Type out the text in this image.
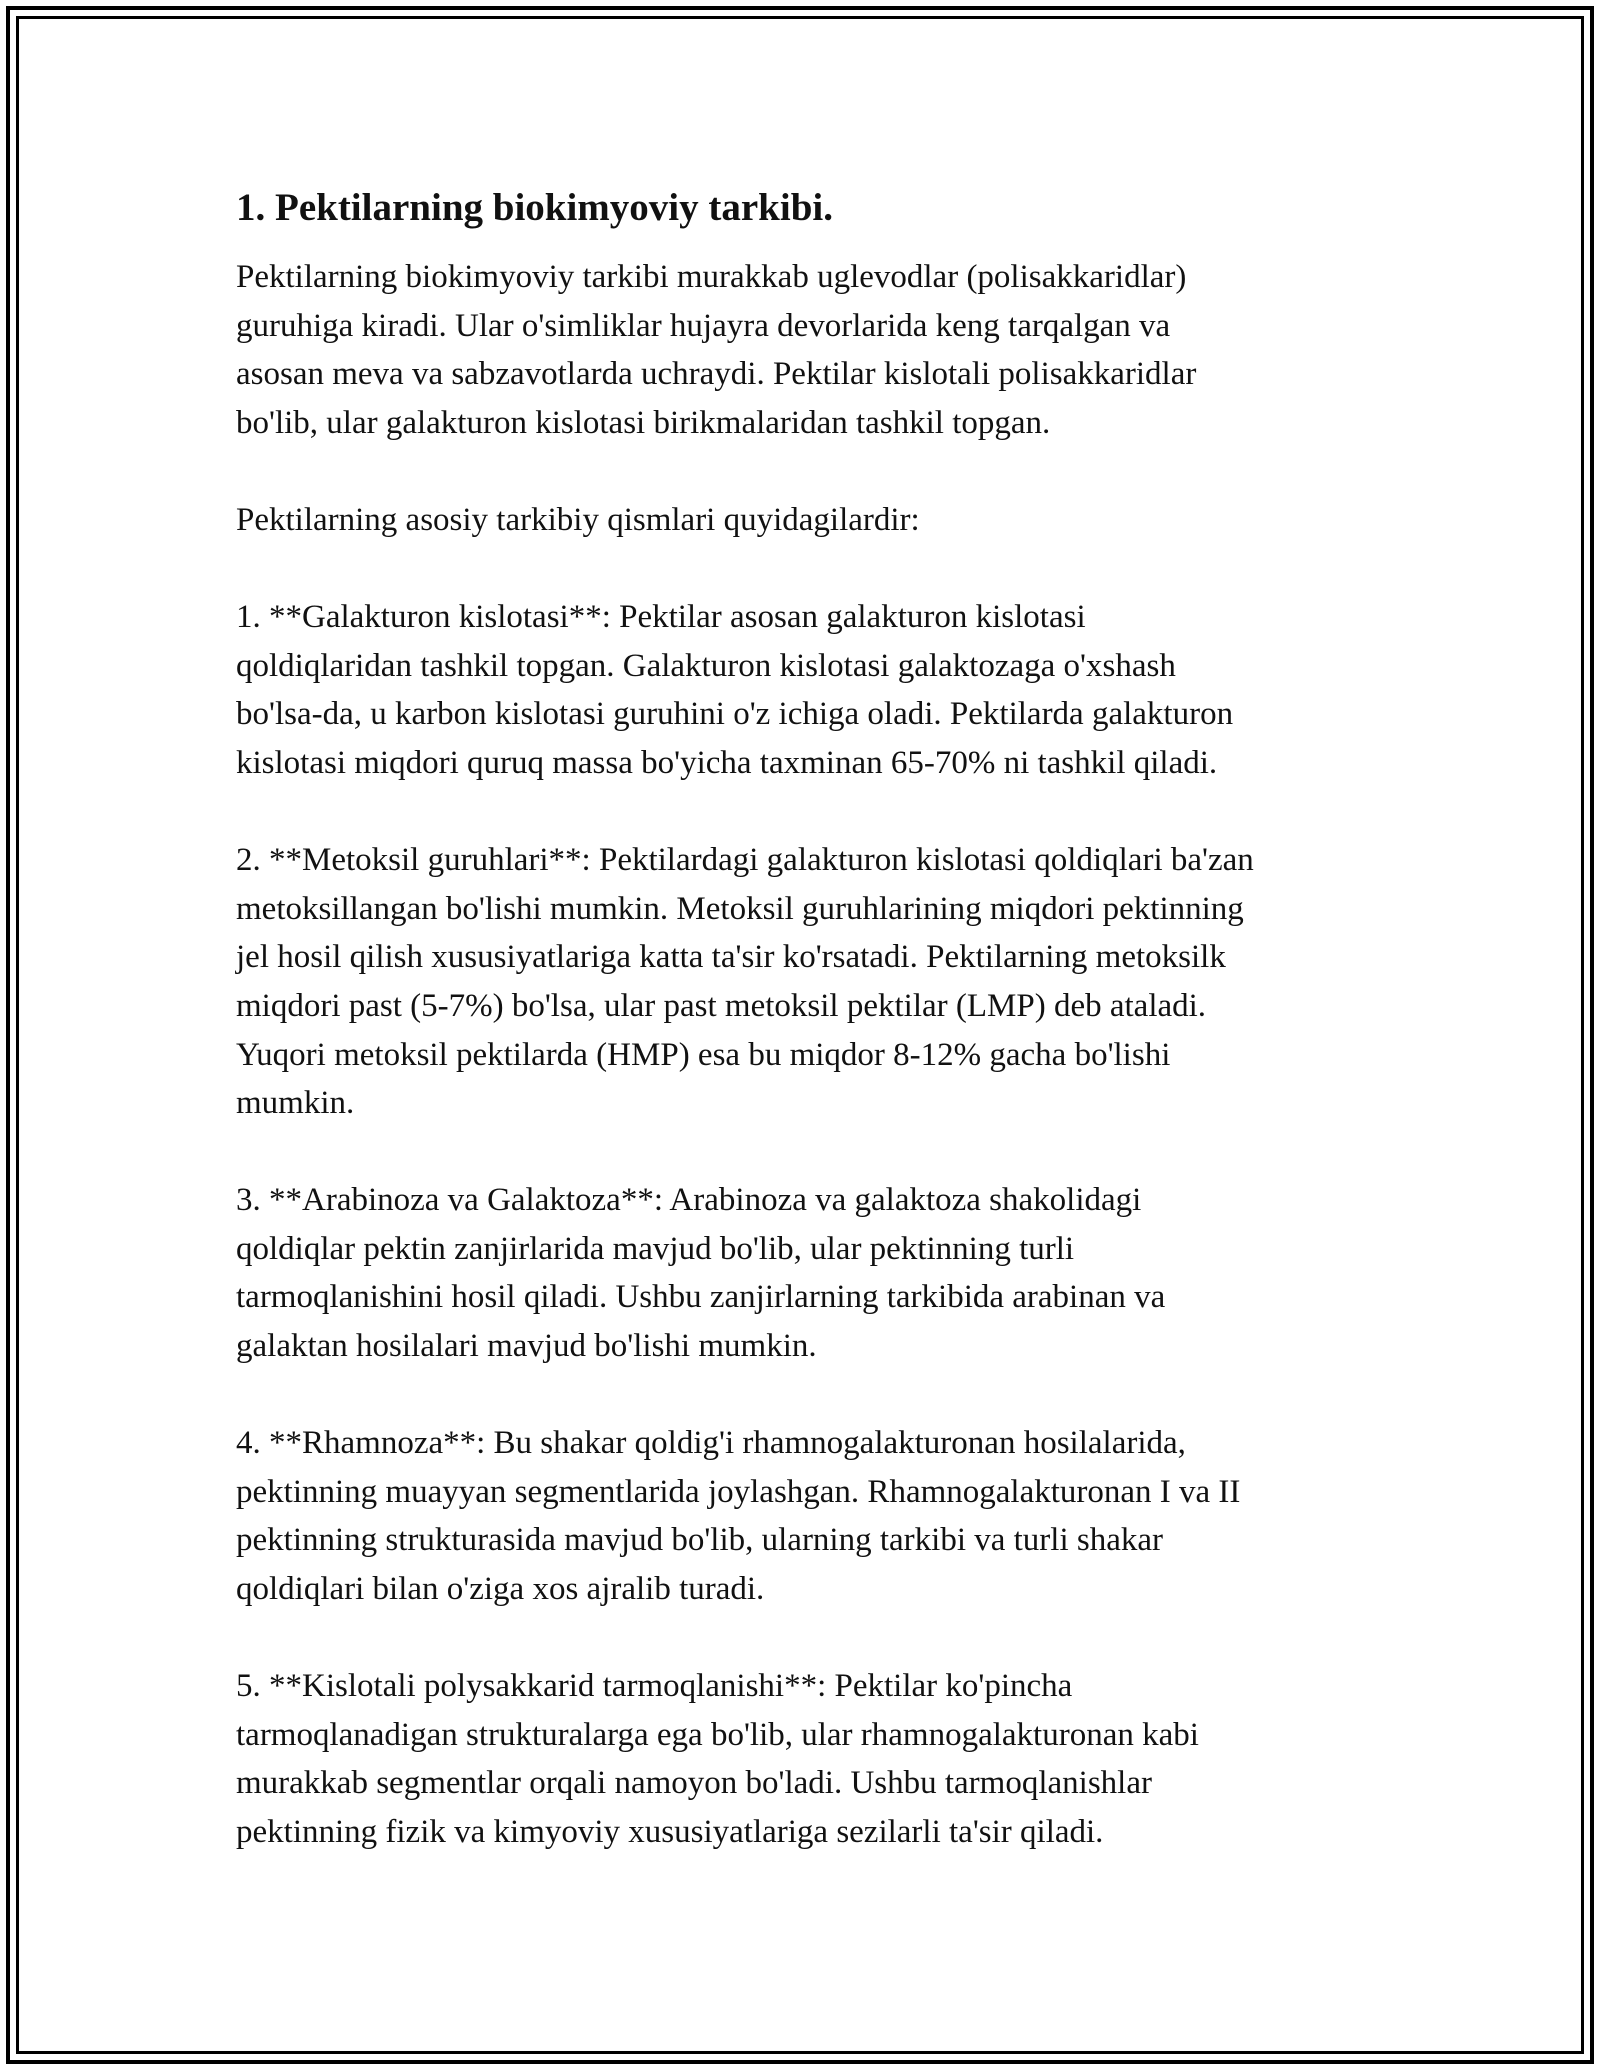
1. Pektilarning biokimyoviy tarkibi.
Pektilarning biokimyoviy tarkibi murakkab uglevodlar (polisakkaridlar)
guruhiga kiradi. Ular o'simliklar hujayra devorlarida keng tarqalgan va
asosan meva va sabzavotlarda uchraydi. Pektilar kislotali polisakkaridlar
bo'lib, ular galakturon kislotasi birikmalaridan tashkil topgan.
Pektilarning asosiy tarkibiy qismlari quyidagilardir:
1. **Galakturon kislotasi**: Pektilar asosan galakturon kislotasi
qoldiqlaridan tashkil topgan. Galakturon kislotasi galaktozaga o'xshash
bo'lsa-da, u karbon kislotasi guruhini o'z ichiga oladi. Pektilarda galakturon
kislotasi miqdori quruq massa bo'yicha taxminan 65-70% ni tashkil qiladi.
2. **Metoksil guruhlari**: Pektilardagi galakturon kislotasi qoldiqlari ba'zan
metoksillangan bo'lishi mumkin. Metoksil guruhlarining miqdori pektinning
jel hosil qilish xususiyatlariga katta ta'sir ko'rsatadi. Pektilarning metoksilk
miqdori past (5-7%) bo'lsa, ular past metoksil pektilar (LMP) deb ataladi.
Yuqori metoksil pektilarda (HMP) esa bu miqdor 8-12% gacha bo'lishi
mumkin.
3. **Arabinoza va Galaktoza**: Arabinoza va galaktoza shakolidagi
qoldiqlar pektin zanjirlarida mavjud bo'lib, ular pektinning turli
tarmoqlanishini hosil qiladi. Ushbu zanjirlarning tarkibida arabinan va
galaktan hosilalari mavjud bo'lishi mumkin.
4. **Rhamnoza**: Bu shakar qoldig'i rhamnogalakturonan hosilalarida,
pektinning muayyan segmentlarida joylashgan. Rhamnogalakturonan I va II
pektinning strukturasida mavjud bo'lib, ularning tarkibi va turli shakar
qoldiqlari bilan o'ziga xos ajralib turadi.
5. **Kislotali polysakkarid tarmoqlanishi**: Pektilar ko'pincha
tarmoqlanadigan strukturalarga ega bo'lib, ular rhamnogalakturonan kabi
murakkab segmentlar orqali namoyon bo'ladi. Ushbu tarmoqlanishlar
pektinning fizik va kimyoviy xususiyatlariga sezilarli ta'sir qiladi.
